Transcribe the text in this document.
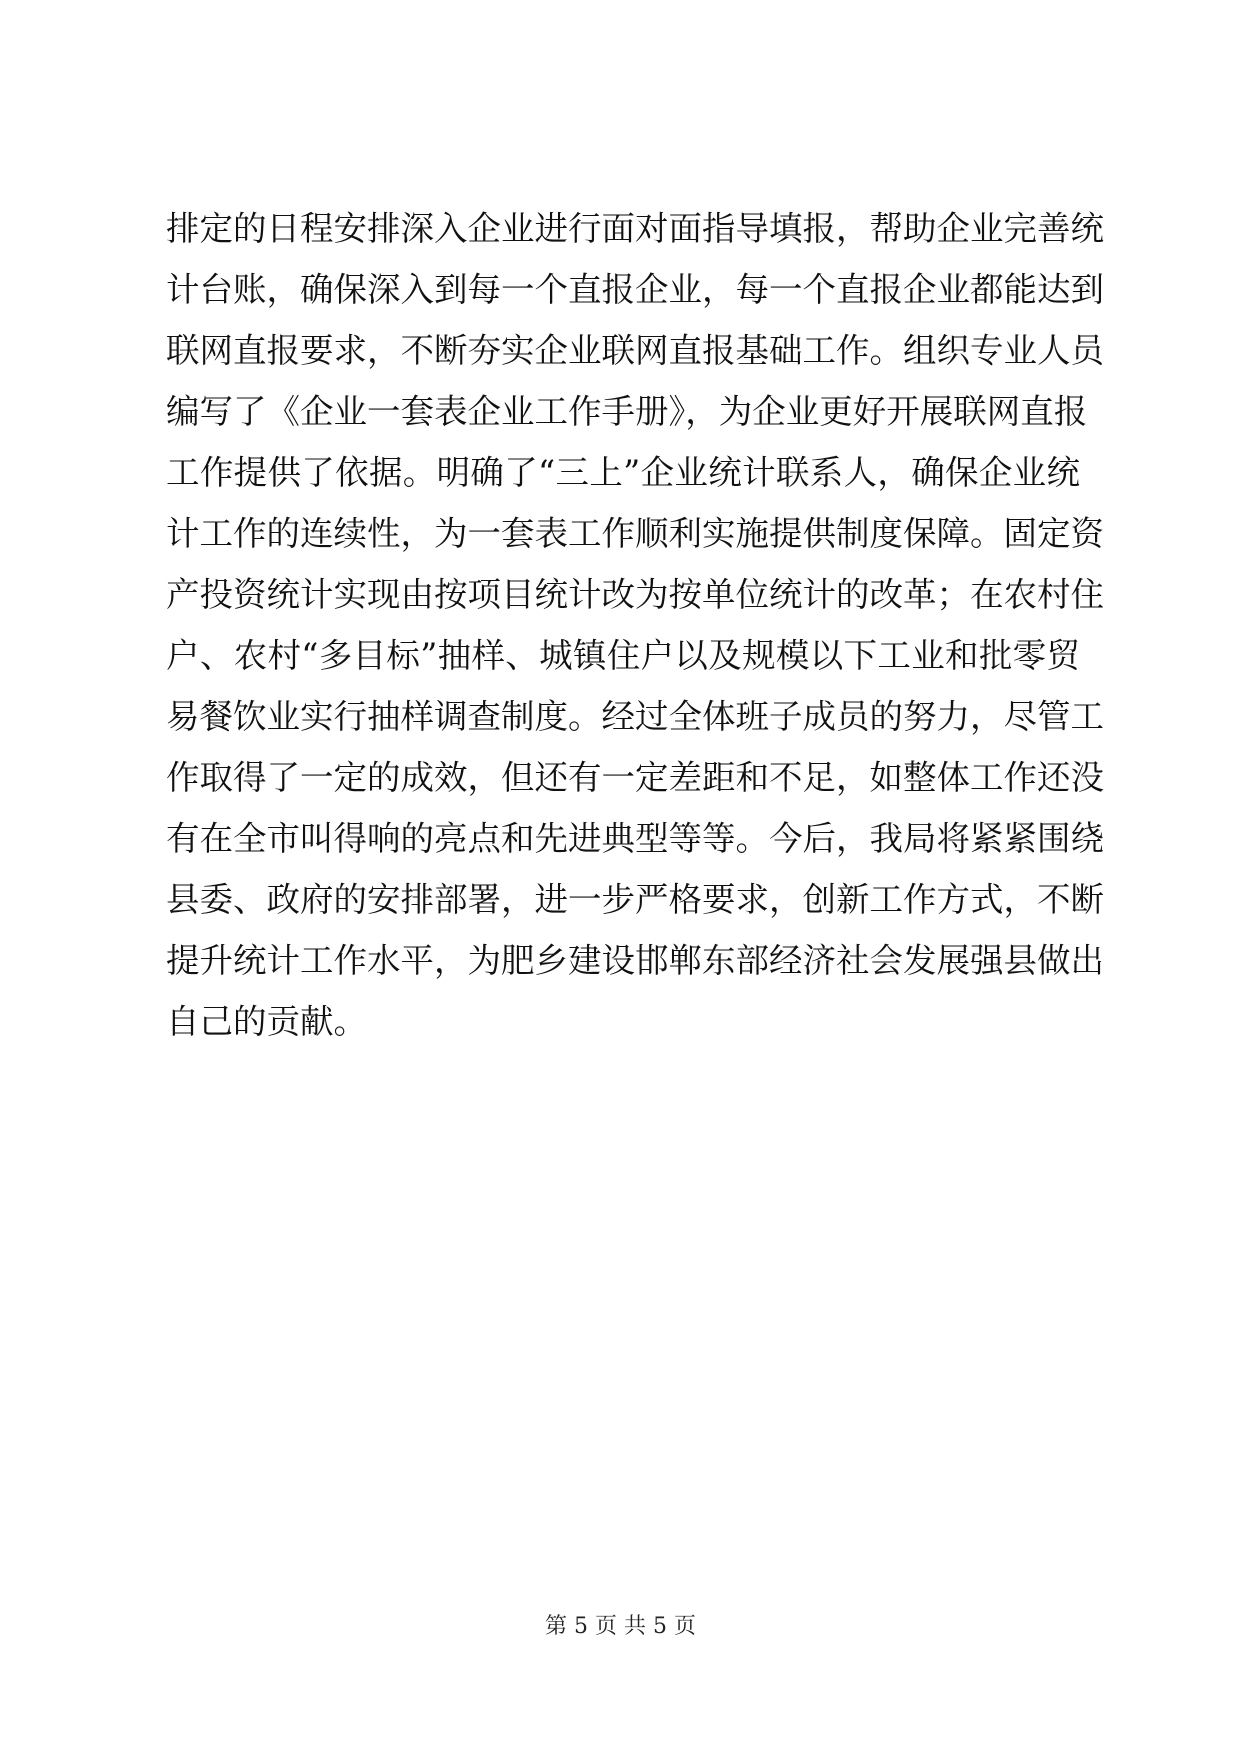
排定的日程安排深入企业进行面对面指导填报，帮助企业完善统
计台账，确保深入到每一个直报企业，每一个直报企业都能达到
联网直报要求，不断夯实企业联网直报基础工作。组织专业人员
编写了《企业一套表企业工作手册》，为企业更好开展联网直报
工作提供了依据。明确了“三上”企业统计联系人，确保企业统
计工作的连续性，为一套表工作顺利实施提供制度保障。固定资
产投资统计实现由按项目统计改为按单位统计的改革；在农村住
户、农村“多目标”抽样、城镇住户以及规模以下工业和批零贸
易餐饮业实行抽样调查制度。经过全体班子成员的努力，尽管工
作取得了一定的成效，但还有一定差距和不足，如整体工作还没
有在全市叫得响的亮点和先进典型等等。今后，我局将紧紧围绕
县委、政府的安排部署，进一步严格要求，创新工作方式，不断
提升统计工作水平，为肥乡建设邯郸东部经济社会发展强县做出
自己的贡献。
第 5 页 共 5 页
